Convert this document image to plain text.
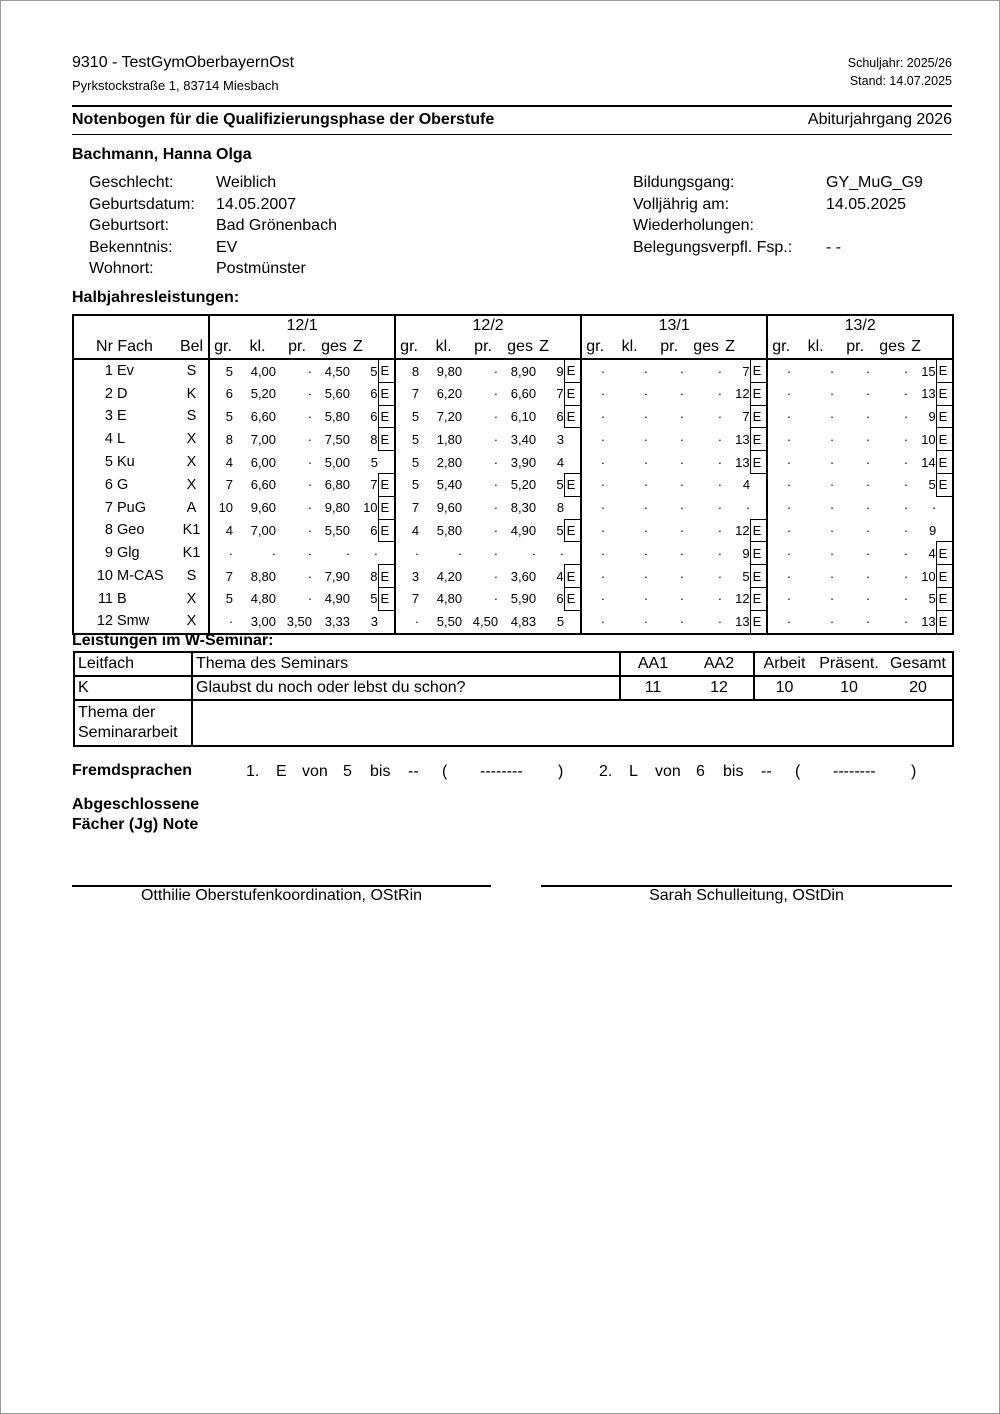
9310 - TestGymOberbayernOst
Pyrkstockstraße 1, 83714 Miesbach
Schuljahr: 2025/26
Stand: 14.07.2025
Notenbogen für die Qualifizierungsphase der Oberstufe	Abiturjahrgang 2026
Bachmann, Hanna Olga
Geschlecht:	Weiblich	Bildungsgang:	GY_MuG_G9
Geburtsdatum: 14.05.2007	Volljährig am:	14.05.2025
Geburtsort:	Bad Grönenbach	Wiederholungen:
Bekenntnis:	EV	Belegungsverpfl. Fsp.: - -
Wohnort:	Postmünster
Halbjahresleistungen:
			12/1						12/2						13/1						13/2					
Nr Fach		Bel	gr.	kl.	pr.	ges	Z		gr.	kl.	pr.	ges	Z		gr.	kl.	pr.	ges	Z		gr.	kl.	pr.	ges	Z	
1	Ev	S	5	4,00	·	4,50	5	E	8	9,80	·	8,90	9	E	·	·	·	·	7	E	·	·	·	·	15	E
2	D	K	6	5,20	·	5,60	6	E	7	6,20	·	6,60	7	E	·	·	·	·	12	E	·	·	·	·	13	E
3	E	S	5	6,60	·	5,80	6	E	5	7,20	·	6,10	6	E	·	·	·	·	7	E	·	·	·	·	9	E
4	L	X	8	7,00	·	7,50	8	E	5	1,80	·	3,40	3		·	·	·	·	13	E	·	·	·	·	10	E
5	Ku	X	4	6,00	·	5,00	5		5	2,80	·	3,90	4		·	·	·	·	13	E	·	·	·	·	14	E
6	G	X	7	6,60	·	6,80	7	E	5	5,40	·	5,20	5	E	·	·	·	·	4		·	·	·	·	5	E
7	PuG	A	10	9,60	·	9,80	10	E	7	9,60	·	8,30	8		·	·	·	·	·		·	·	·	·	·	
8	Geo	K1	4	7,00	·	5,50	6	E	4	5,80	·	4,90	5	E	·	·	·	·	12	E	·	·	·	·	9	
9	Glg	K1	·	·	·	·	·		·	·	·	·	·		·	·	·	·	9	E	·	·	·	·	4	E
10	M-CAS	S	7	8,80	·	7,90	8	E	3	4,20	·	3,60	4	E	·	·	·	·	5	E	·	·	·	·	10	E
11	B	X	5	4,80	·	4,90	5	E	7	4,80	·	5,90	6	E	·	·	·	·	12	E	·	·	·	·	5	E
12	Smw	X	·	3,00	3,50	3,33	3		·	5,50	4,50	4,83	5		·	·	·	·	13	E	·	·	·	·	13	E
Leistungen im W-Seminar:
Leitfach	Thema des Seminars	AA1	AA2	Arbeit	Präsent.	Gesamt
K	Glaubst du noch oder lebst du schon?	11	12	10	10	20

Thema der
Seminararbeit						

Fremdsprachen	1. E von 5 bis -- ( -------- ) 2. L von 6 bis -- ( -------- )
Abgeschlossene
Fächer (Jg) Note
Otthilie Oberstufenkoordination, OStRin	Sarah Schulleitung, OStDin
